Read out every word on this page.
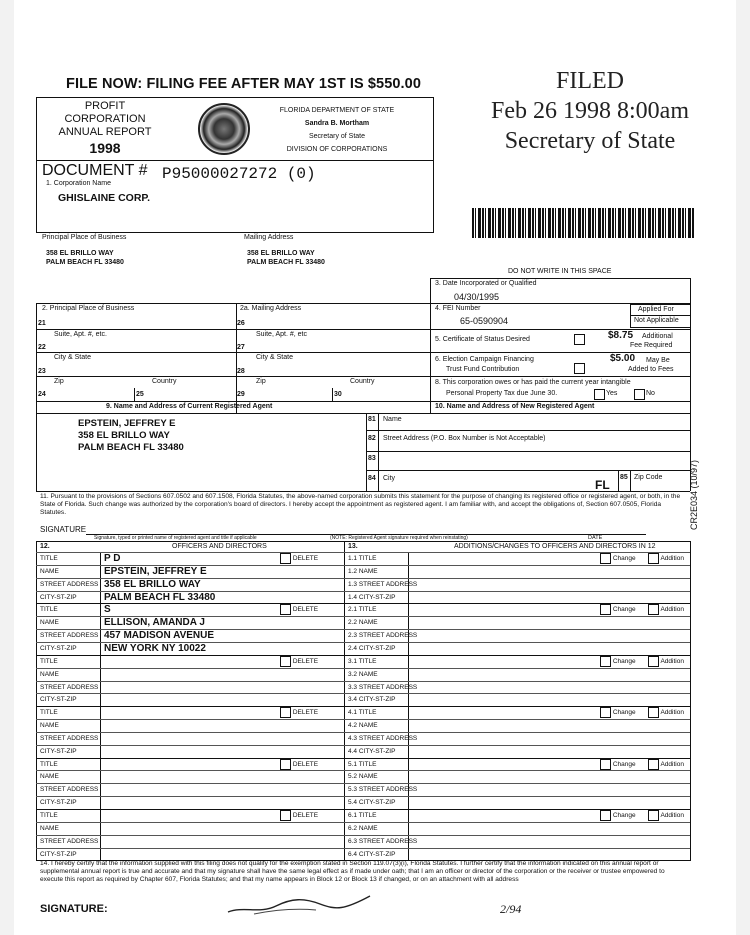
FILE NOW: FILING FEE AFTER MAY 1ST IS $550.00	FILED
Feb 26 1998 8:00am
Secretary of State
PROFIT
CORPORATION
ANNUAL REPORT
1998
FLORIDA DEPARTMENT OF STATE
Sandra B. Mortham
Secretary of State
DIVISION OF CORPORATIONS
DOCUMENT # P95000027272 (0)
1. Corporation Name
GHISLAINE CORP.
Principal Place of Business
358 EL BRILLO WAY
PALM BEACH FL 33480
Mailing Address
358 EL BRILLO WAY
PALM BEACH FL 33480
DO NOT WRITE IN THIS SPACE
2. Principal Place of Business
21
Suite, Apt. #, etc.
22
City & State
23
Zip	Country
24	25
2a. Mailing Address
26
Suite, Apt. #, etc
27
City & State
28
Zip	Country
29	30
3. Date Incorporated or Qualified
04/30/1995
4. FEI Number
65-0590904
Applied For
Not Applicable
5. Certificate of Status Desired	$8.75 Additional
Fee Required
6. Election Campaign Financing
Trust Fund Contribution
$5.00 May Be
Added to Fees
8. This corporation owes or has paid the current year intangible
Personal Property Tax due June 30.	Yes	No
9. Name and Address of Current Registered Agent	10. Name and Address of New Registered Agent
EPSTEIN, JEFFREY E
358 EL BRILLO WAY
PALM BEACH FL 33480
81 Name
82 Street Address (P.O. Box Number is Not Acceptable)
83
84 City	FL
85 Zip Code
11. Pursuant to the provisions of Sections 607.0502 and 607.1508, Florida Statutes, the above-named corporation submits this statement for the purpose of changing its registered office or registered agent, or both, in the State of Florida. Such change was authorized by the corporation's board of directors. I hereby accept the appointment as registered agent. I am familiar with, and accept the obligations of, Section 607.0505, Florida Statutes.
SIGNATURE
Signature, typed or printed name of registered agent and title if applicable	(NOTE: Registered Agent signature required when reinstating)	DATE
12.	OFFICERS AND DIRECTORS	13.	ADDITIONS/CHANGES TO OFFICERS AND DIRECTORS IN 12
TITLE	P D	1.1 TITLE
DELETE	Change	Addition
NAME	EPSTEIN, JEFFREY E	1.2 NAME
STREET ADDRESS 358 EL BRILLO WAY	1.3 STREET ADDRESS
CITY-ST-ZIP	PALM BEACH FL 33480	1.4 CITY-ST-ZIP
TITLE	S	2.1 TITLE
DELETE	Change	Addition
NAME	ELLISON, AMANDA J	2.2 NAME
STREET ADDRESS 457 MADISON AVENUE	2.3 STREET ADDRESS
CITY-ST-ZIP	NEW YORK NY 10022	2.4 CITY-ST-ZIP
TITLE	3.1 TITLE
DELETE	Change	Addition
NAME	3.2 NAME
STREET ADDRESS	3.3 STREET ADDRESS
CITY-ST-ZIP	3.4 CITY-ST-ZIP
TITLE	4.1 TITLE
DELETE	Change	Addition
NAME	4.2 NAME
STREET ADDRESS	4.3 STREET ADDRESS
CITY-ST-ZIP	4.4 CITY-ST-ZIP
TITLE	5.1 TITLE
DELETE	Change	Addition
NAME	5.2 NAME
STREET ADDRESS	5.3 STREET ADDRESS
CITY-ST-ZIP	5.4 CITY-ST-ZIP
TITLE	6.1 TITLE
DELETE	Change	Addition
NAME	6.2 NAME
STREET ADDRESS	6.3 STREET ADDRESS
CITY-ST-ZIP	6.4 CITY-ST-ZIP
14. I hereby certify that the information supplied with this filing does not qualify for the exemption stated in Section 119.07(3)(i), Florida Statutes. I further certify that the information indicated on this annual report or supplemental annual report is true and accurate and that my signature shall have the same legal effect as if made under oath; that I am an officer or director of the corporation or the receiver or trustee empowered to execute this report as required by Chapter 607, Florida Statutes; and that my name appears in Block 12 or Block 13 if changed, or on an attachment with all address
SIGNATURE:	2/94
CR2E034 (10/97)
